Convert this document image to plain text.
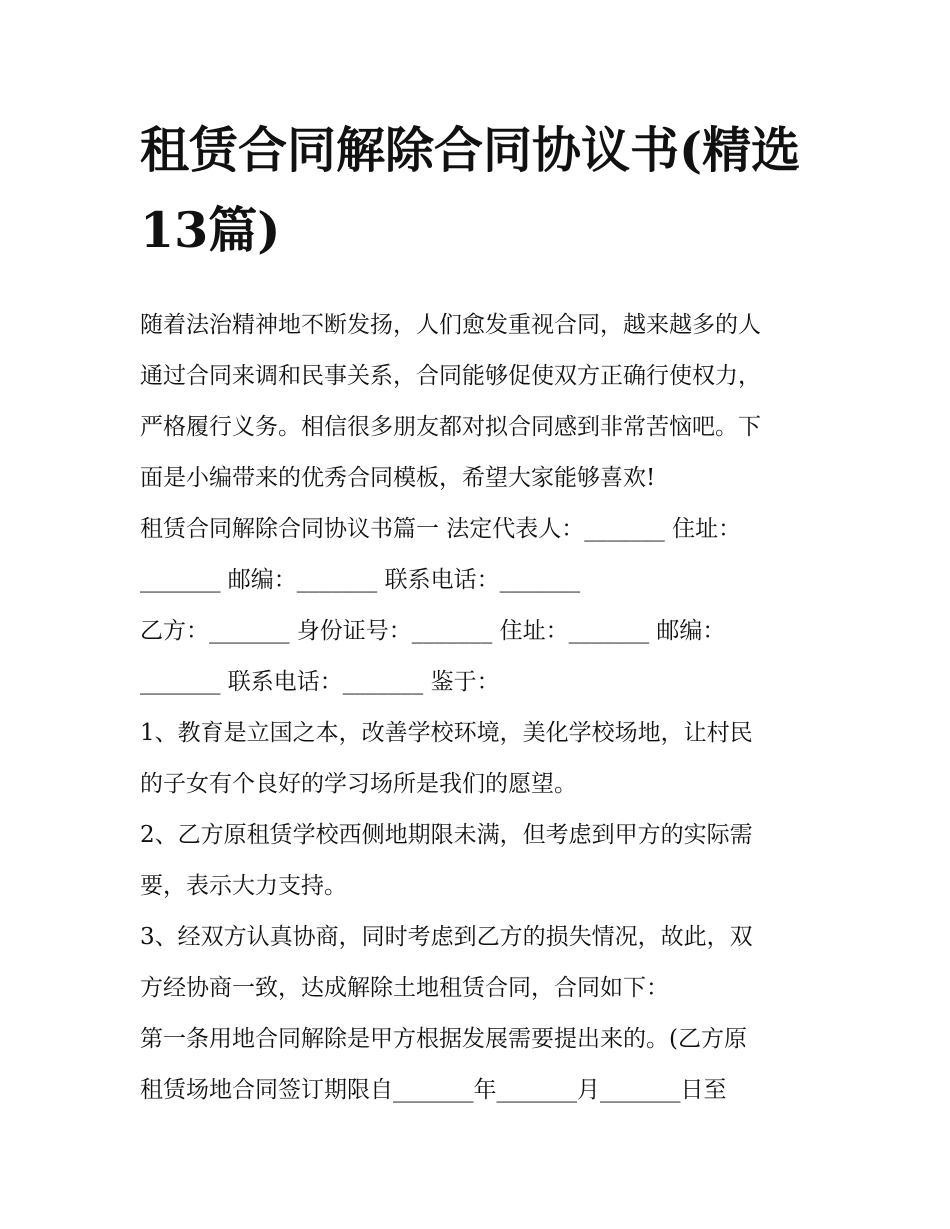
租赁合同解除合同协议书(精选13篇)
随着法治精神地不断发扬，人们愈发重视合同，越来越多的人
通过合同来调和民事关系，合同能够促使双方正确行使权力，
严格履行义务。相信很多朋友都对拟合同感到非常苦恼吧。下
面是小编带来的优秀合同模板，希望大家能够喜欢!
租赁合同解除合同协议书篇一 法定代表人：_______ 住址：
_______ 邮编：_______ 联系电话：_______
乙方：_______ 身份证号：_______ 住址：_______ 邮编：
_______ 联系电话：_______ 鉴于：
1、教育是立国之本，改善学校环境，美化学校场地，让村民
的子女有个良好的学习场所是我们的愿望。
2、乙方原租赁学校西侧地期限未满，但考虑到甲方的实际需
要，表示大力支持。
3、经双方认真协商，同时考虑到乙方的损失情况，故此，双
方经协商一致，达成解除土地租赁合同，合同如下：
第一条用地合同解除是甲方根据发展需要提出来的。(乙方原
租赁场地合同签订期限自_______年_______月_______日至
